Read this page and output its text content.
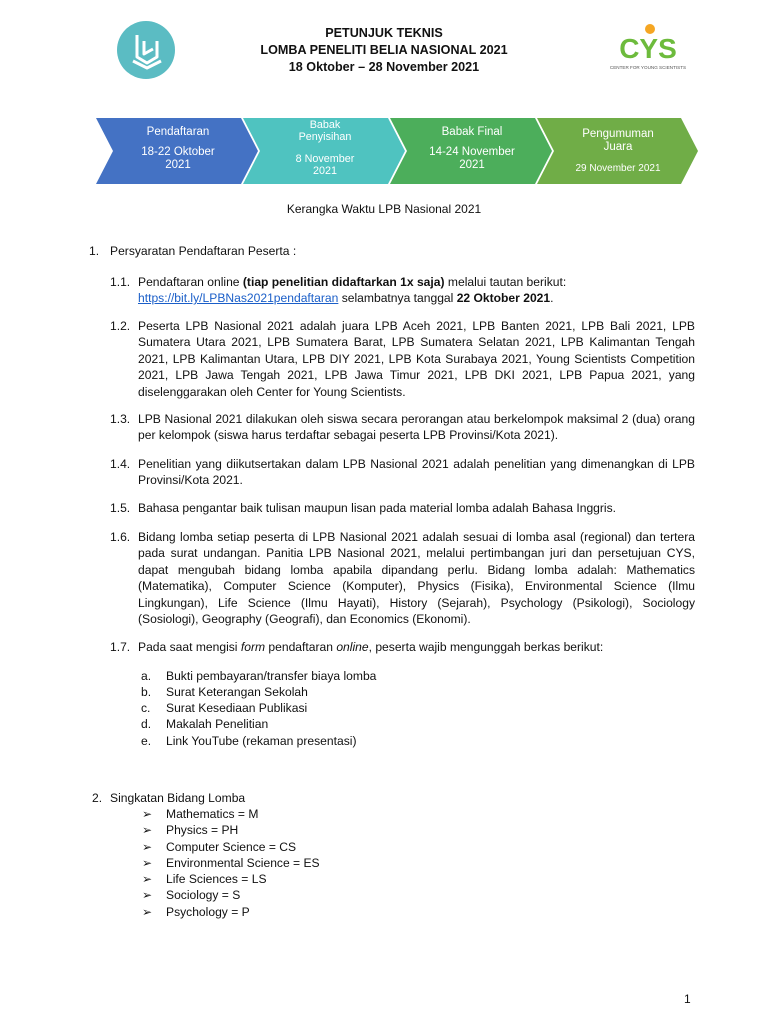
PETUNJUK TEKNIS
LOMBA PENELITI BELIA NASIONAL 2021
18 Oktober – 28 November 2021
CYS
CENTER FOR YOUNG SCIENTISTS
Pendaftaran
18-22 Oktober
2021
Babak
Penyisihan
8 November
2021
Babak Final
14-24 November
2021
Pengumuman
Juara
29 November 2021
Kerangka Waktu LPB Nasional 2021
1. Persyaratan Pendaftaran Peserta :
1.1. Pendaftaran online (tiap penelitian didaftarkan 1x saja) melalui tautan berikut:
https://bit.ly/LPBNas2021pendaftaran selambatnya tanggal 22 Oktober 2021.
1.2. Peserta LPB Nasional 2021 adalah juara LPB Aceh 2021, LPB Banten 2021, LPB Bali 2021, LPB Sumatera Utara 2021, LPB Sumatera Barat, LPB Sumatera Selatan 2021, LPB Kalimantan Tengah 2021, LPB Kalimantan Utara, LPB DIY 2021, LPB Kota Surabaya 2021, Young Scientists Competition 2021, LPB Jawa Tengah 2021, LPB Jawa Timur 2021, LPB DKI 2021, LPB Papua 2021, yang diselenggarakan oleh Center for Young Scientists.
1.3. LPB Nasional 2021 dilakukan oleh siswa secara perorangan atau berkelompok maksimal 2 (dua) orang per kelompok (siswa harus terdaftar sebagai peserta LPB Provinsi/Kota 2021).
1.4. Penelitian yang diikutsertakan dalam LPB Nasional 2021 adalah penelitian yang dimenangkan di LPB Provinsi/Kota 2021.
1.5. Bahasa pengantar baik tulisan maupun lisan pada material lomba adalah Bahasa Inggris.
1.6. Bidang lomba setiap peserta di LPB Nasional 2021 adalah sesuai di lomba asal (regional) dan tertera pada surat undangan. Panitia LPB Nasional 2021, melalui pertimbangan juri dan persetujuan CYS, dapat mengubah bidang lomba apabila dipandang perlu. Bidang lomba adalah: Mathematics (Matematika), Computer Science (Komputer), Physics (Fisika), Environmental Science (Ilmu Lingkungan), Life Science (Ilmu Hayati), History (Sejarah), Psychology (Psikologi), Sociology (Sosiologi), Geography (Geografi), dan Economics (Ekonomi).
1.7. Pada saat mengisi form pendaftaran online, peserta wajib mengunggah berkas berikut:
a. Bukti pembayaran/transfer biaya lomba
b. Surat Keterangan Sekolah
c. Surat Kesediaan Publikasi
d. Makalah Penelitian
e. Link YouTube (rekaman presentasi)
2. Singkatan Bidang Lomba
➢ Mathematics = M
➢ Physics = PH
➢ Computer Science = CS
➢ Environmental Science = ES
➢ Life Sciences = LS
➢ Sociology = S
➢ Psychology = P
1
